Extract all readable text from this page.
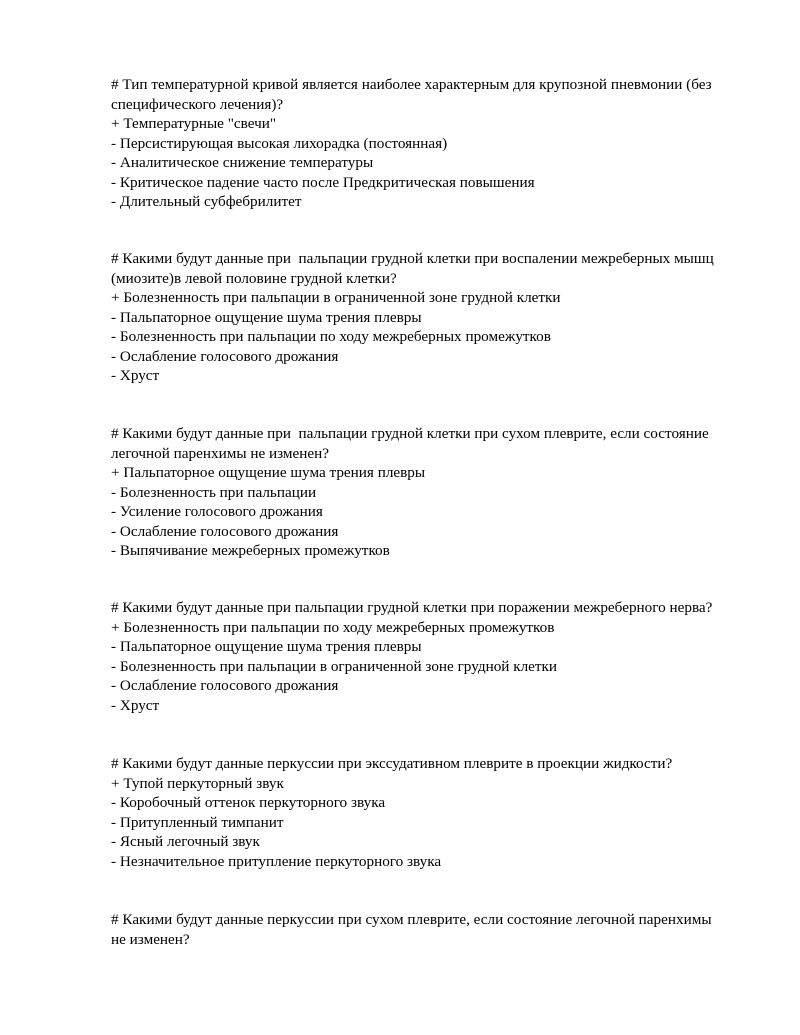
# Тип температурной кривой является наиболее характерным для крупозной пневмонии (без
специфического лечения)?
+ Температурные "свечи"
- Персистирующая высокая лихорадка (постоянная)
- Аналитическое снижение температуры
- Критическое падение часто после Предкритическая повышения
- Длительный субфебрилитет
# Какими будут данные при  пальпации грудной клетки при воспалении межреберных мышц
(миозите)в левой половине грудной клетки?
+ Болезненность при пальпации в ограниченной зоне грудной клетки
- Пальпаторное ощущение шума трения плевры
- Болезненность при пальпации по ходу межреберных промежутков
- Ослабление голосового дрожания
- Хруст
# Какими будут данные при  пальпации грудной клетки при сухом плеврите, если состояние
легочной паренхимы не изменен?
+ Пальпаторное ощущение шума трения плевры
- Болезненность при пальпации
- Усиление голосового дрожания
- Ослабление голосового дрожания
- Выпячивание межреберных промежутков
# Какими будут данные при пальпации грудной клетки при поражении межреберного нерва?
+ Болезненность при пальпации по ходу межреберных промежутков
- Пальпаторное ощущение шума трения плевры
- Болезненность при пальпации в ограниченной зоне грудной клетки
- Ослабление голосового дрожания
- Хруст
# Какими будут данные перкуссии при экссудативном плеврите в проекции жидкости?
+ Тупой перкуторный звук
- Коробочный оттенок перкуторного звука
- Притупленный тимпанит
- Ясный легочный звук
- Незначительное притупление перкуторного звука
# Какими будут данные перкуссии при сухом плеврите, если состояние легочной паренхимы
не изменен?
